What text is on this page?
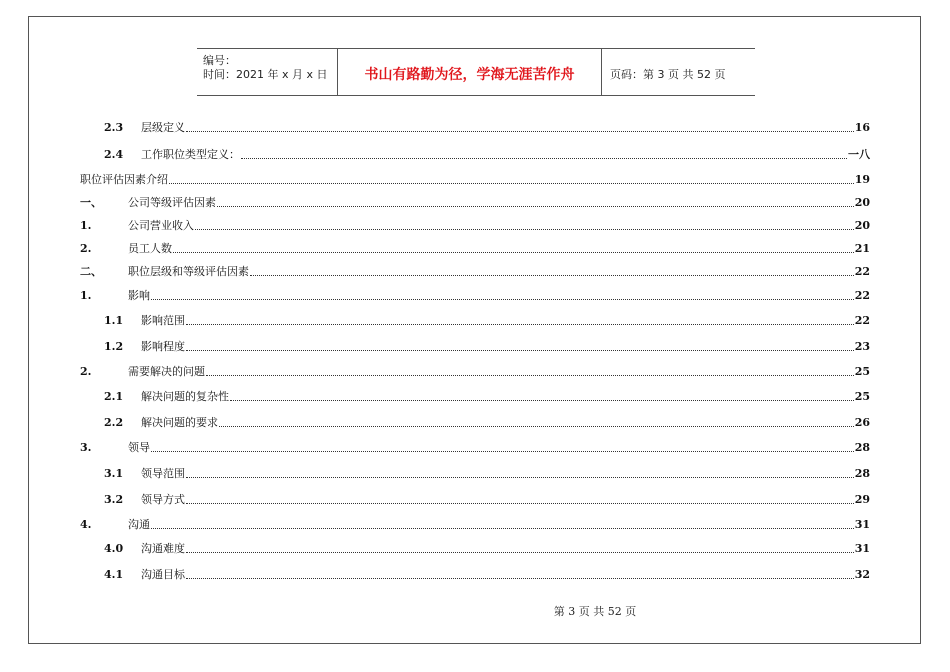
编号：
时间：2021 年 x 月 x 日	书山有路勤为径，学海无涯苦作舟	页码：第 3 页 共 52 页
2.3	层级定义	16
2.4	工作职位类型定义：	一八
职位评估因素介绍	19
一、	公司等级评估因素	20
1.	公司营业收入	20
2.	员工人数	21
二、	职位层级和等级评估因素	22
1.	影响	22
1.1	影响范围	22
1.2	影响程度	23
2.	需要解决的问题	25
2.1	解决问题的复杂性	25
2.2	解决问题的要求	26
3.	领导	28
3.1	领导范围	28
3.2	领导方式	29
4.	沟通	31
4.0	沟通难度	31
4.1	沟通目标	32
第 3 页 共 52 页
